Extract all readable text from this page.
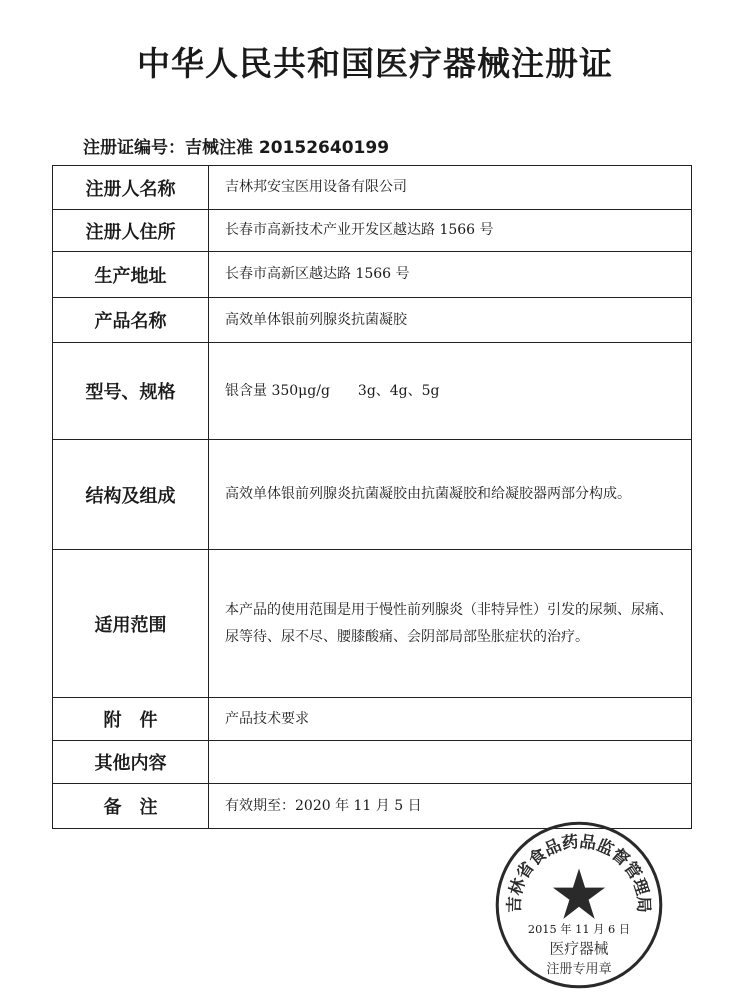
中华人民共和国医疗器械注册证
注册证编号：吉械注准 20152640199
注册人名称	吉林邦安宝医用设备有限公司
注册人住所	长春市高新技术产业开发区越达路 1566 号
生产地址	长春市高新区越达路 1566 号
产品名称	高效单体银前列腺炎抗菌凝胶
型号、规格	银含量 350μg/g　　3g、4g、5g
结构及组成	高效单体银前列腺炎抗菌凝胶由抗菌凝胶和给凝胶器两部分构成。
适用范围	本产品的使用范围是用于慢性前列腺炎（非特异性）引发的尿频、尿痛、尿等待、尿不尽、腰膝酸痛、会阴部局部坠胀症状的治疗。
附　件	产品技术要求
其他内容	
备　注	有效期至：2020 年 11 月 5 日
吉林省食品药品监督管理局
2015 年 11 月 6 日
医疗器械
注册专用章
